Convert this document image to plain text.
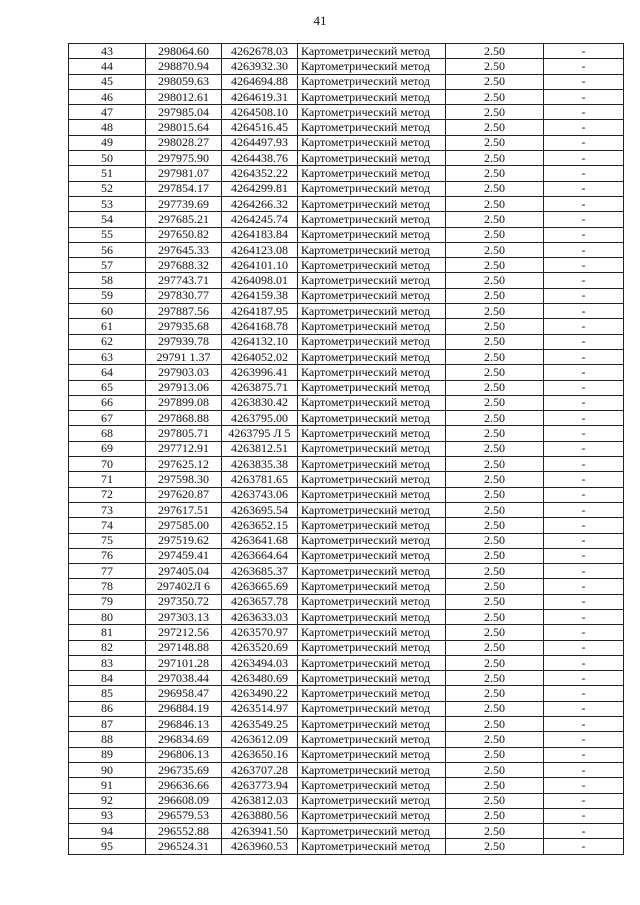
41
43	298064.60	4262678.03	Картометрический метод	2.50	-
44	298870.94	4263932.30	Картометрический метод	2.50	-
45	298059.63	4264694.88	Картометрический метод	2.50	-
46	298012.61	4264619.31	Картометрический метод	2.50	-
47	297985.04	4264508.10	Картометрический метод	2.50	-
48	298015.64	4264516.45	Картометрический метод	2.50	-
49	298028.27	4264497.93	Картометрический метод	2.50	-
50	297975.90	4264438.76	Картометрический метод	2.50	-
51	297981.07	4264352.22	Картометрический метод	2.50	-
52	297854.17	4264299.81	Картометрический метод	2.50	-
53	297739.69	4264266.32	Картометрический метод	2.50	-
54	297685.21	4264245.74	Картометрический метод	2.50	-
55	297650.82	4264183.84	Картометрический метод	2.50	-
56	297645.33	4264123.08	Картометрический метод	2.50	-
57	297688.32	4264101.10	Картометрический метод	2.50	-
58	297743.71	4264098.01	Картометрический метод	2.50	-
59	297830.77	4264159.38	Картометрический метод	2.50	-
60	297887.56	4264187.95	Картометрический метод	2.50	-
61	297935.68	4264168.78	Картометрический метод	2.50	-
62	297939.78	4264132.10	Картометрический метод	2.50	-
63	29791 1.37	4264052.02	Картометрический метод	2.50	-
64	297903.03	4263996.41	Картометрический метод	2.50	-
65	297913.06	4263875.71	Картометрический метод	2.50	-
66	297899.08	4263830.42	Картометрический метод	2.50	-
67	297868.88	4263795.00	Картометрический метод	2.50	-
68	297805.71	4263795 Л 5	Картометрический метод	2.50	-
69	297712.91	4263812.51	Картометрический метод	2.50	-
70	297625.12	4263835.38	Картометрический метод	2.50	-
71	297598.30	4263781.65	Картометрический метод	2.50	-
72	297620.87	4263743.06	Картометрический метод	2.50	-
73	297617.51	4263695.54	Картометрический метод	2.50	-
74	297585.00	4263652.15	Картометрический метод	2.50	-
75	297519.62	4263641.68	Картометрический метод	2.50	-
76	297459.41	4263664.64	Картометрический метод	2.50	-
77	297405.04	4263685.37	Картометрический метод	2.50	-
78	297402Л 6	4263665.69	Картометрический метод	2.50	-
79	297350.72	4263657.78	Картометрический метод	2.50	-
80	297303.13	4263633.03	Картометрический метод	2.50	-
81	297212.56	4263570.97	Картометрический метод	2.50	-
82	297148.88	4263520.69	Картометрический метод	2.50	-
83	297101.28	4263494.03	Картометрический метод	2.50	-
84	297038.44	4263480.69	Картометрический метод	2.50	-
85	296958.47	4263490.22	Картометрический метод	2.50	-
86	296884.19	4263514.97	Картометрический метод	2.50	-
87	296846.13	4263549.25	Картометрический метод	2.50	-
88	296834.69	4263612.09	Картометрический метод	2.50	-
89	296806.13	4263650.16	Картометрический метод	2.50	-
90	296735.69	4263707.28	Картометрический метод	2.50	-
91	296636.66	4263773.94	Картометрический метод	2.50	-
92	296608.09	4263812.03	Картометрический метод	2.50	-
93	296579.53	4263880.56	Картометрический метод	2.50	-
94	296552.88	4263941.50	Картометрический метод	2.50	-
95	296524.31	4263960.53	Картометрический метод	2.50	-
